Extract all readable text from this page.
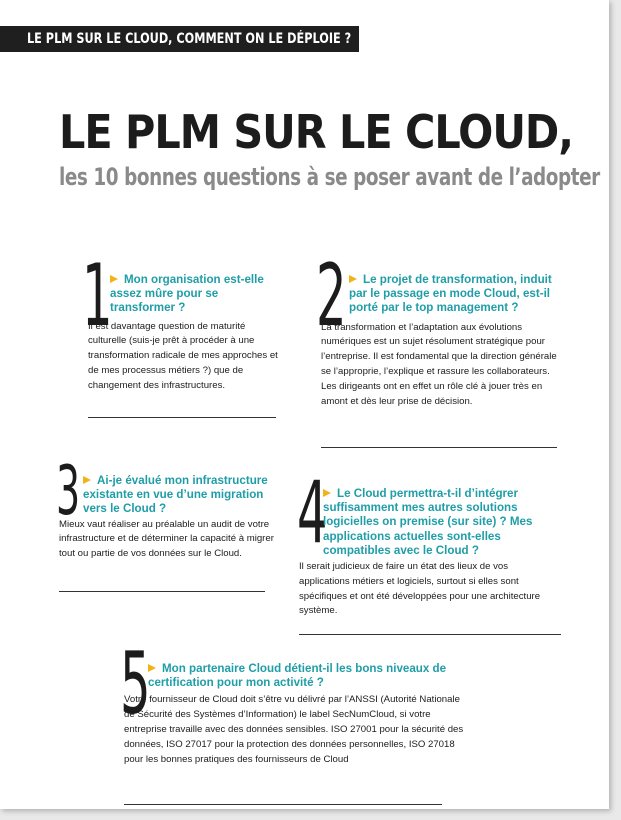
LE PLM SUR LE CLOUD, COMMENT ON LE DÉPLOIE ?
LE PLM SUR LE CLOUD,
les 10 bonnes questions à se poser avant de l’adopter
1 Mon organisation est-elle assez mûre pour se transformer ?

Il est davantage question de maturité culturelle (suis-je prêt à procéder à une transformation radicale de mes approches et de mes processus métiers ?) que de changement des infrastructures.

2	Le projet de transformation, induit par le passage en mode Cloud, est-il porté par le top management ?

La transformation et l’adaptation aux évolutions numériques est un sujet résolument stratégique pour l’entreprise. Il est fondamental que la direction générale se l’approprie, l’explique et rassure les collaborateurs. Les dirigeants ont en effet un rôle clé à jouer très en amont et dès leur prise de décision.

3	Ai-je évalué mon infrastructure existante en vue d’une migration vers le Cloud ?

Mieux vaut réaliser au préalable un audit de votre infrastructure et de déterminer la capacité à migrer tout ou partie de vos données sur le Cloud. 4 Le Cloud permettra-t-il d’intégrer suffisamment mes autres solutions logicielles on premise (sur site) ? Mes applications actuelles sont-elles compatibles avec le Cloud ?

Il serait judicieux de faire un état des lieux de vos applications métiers et logiciels, surtout si elles sont spécifiques et ont été développées pour une architecture système.

5 Mon partenaire Cloud détient-il les bons niveaux de certification pour mon activité ?

Votre fournisseur de Cloud doit s’être vu délivré par l’ANSSI (Autorité Nationale de Sécurité des Systèmes d’Information) le label SecNumCloud, si votre entreprise travaille avec des données sensibles. ISO 27001 pour la sécurité des données, ISO 27017 pour la protection des données personnelles, ISO 27018 pour les bonnes pratiques des fournisseurs de Cloud
